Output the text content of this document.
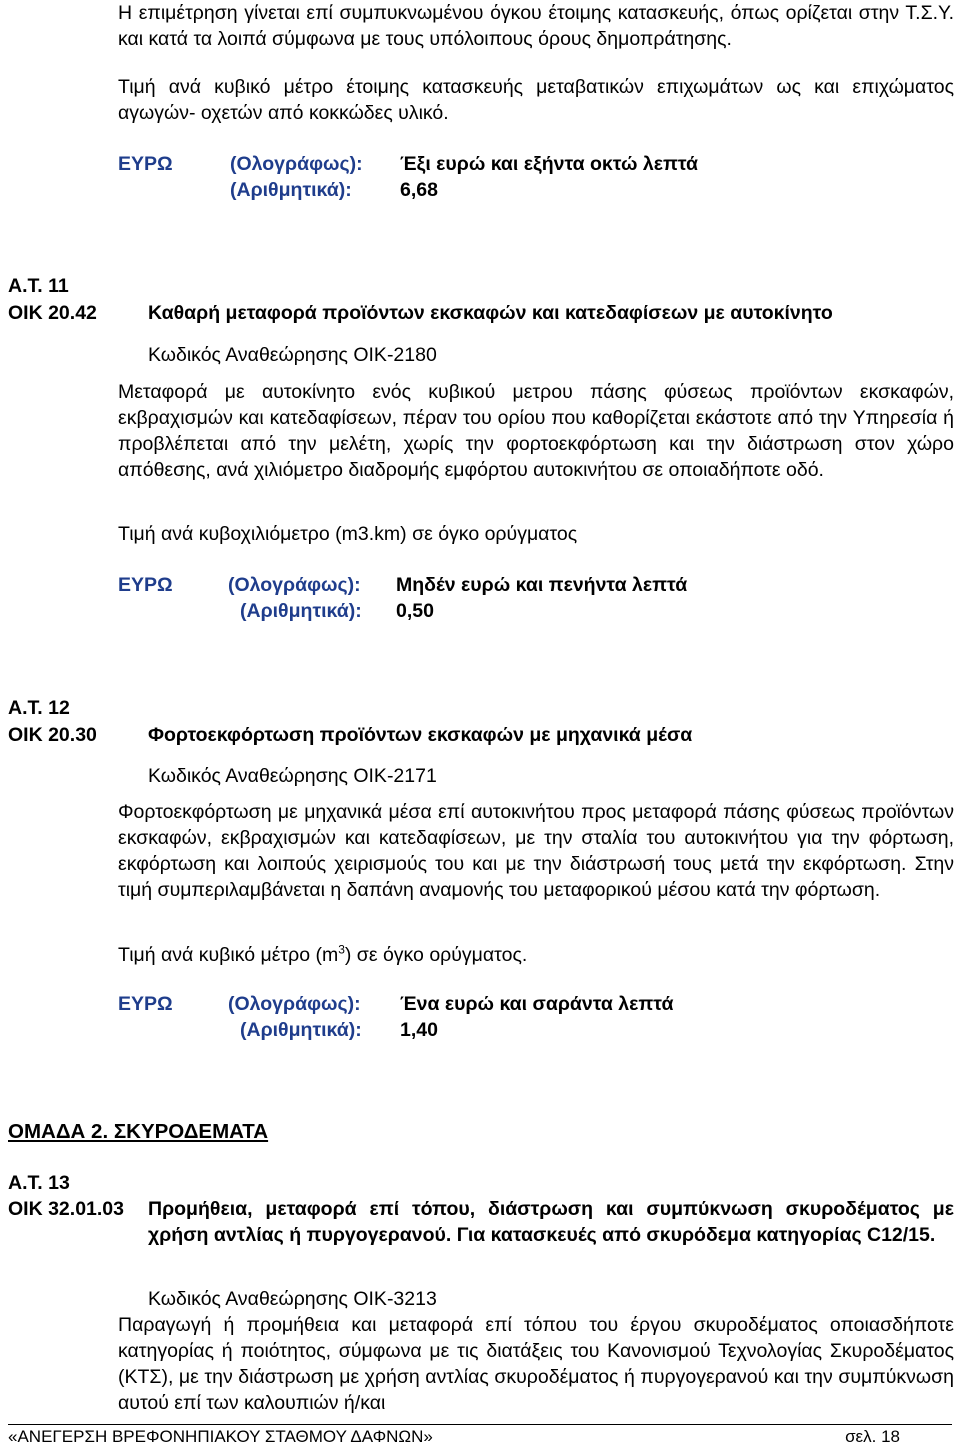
Η επιμέτρηση γίνεται επί συμπυκνωμένου όγκου έτοιμης κατασκευής, όπως ορίζεται στην Τ.Σ.Υ. και κατά τα λοιπά σύμφωνα με τους υπόλοιπους όρους δημοπράτησης.
Τιμή ανά κυβικό μέτρο έτοιμης κατασκευής μεταβατικών επιχωμάτων ως και επιχώματος αγωγών- οχετών από κοκκώδες υλικό.
ΕΥΡΩ	(Ολογράφως): Έξι ευρώ και εξήντα οκτώ λεπτά
(Αριθμητικά): 6,68
Α.Τ. 11
ΟΙΚ 20.42	Καθαρή μεταφορά προϊόντων εκσκαφών και κατεδαφίσεων με αυτοκίνητο
Κωδικός Αναθεώρησης ΟΙΚ-2180
Μεταφορά με αυτοκίνητο ενός κυβικού μετρου πάσης φύσεως προϊόντων εκσκαφών, εκβραχισμών και κατεδαφίσεων, πέραν του ορίου που καθορίζεται εκάστοτε από την Υπηρεσία ή προβλέπεται από την μελέτη, χωρίς την φορτοεκφόρτωση και την διάστρωση στον χώρο απόθεσης, ανά χιλιόμετρο διαδρομής εμφόρτου αυτοκινήτου σε οποιαδήποτε οδό.
Τιμή ανά κυβοχιλιόμετρο (m3.km) σε όγκο ορύγματος
ΕΥΡΩ	(Ολογράφως): Μηδέν ευρώ και πενήντα λεπτά
(Αριθμητικά): 0,50
Α.Τ. 12
ΟΙΚ 20.30	Φορτοεκφόρτωση προϊόντων εκσκαφών με μηχανικά μέσα
Κωδικός Αναθεώρησης ΟΙΚ-2171
Φορτοεκφόρτωση με μηχανικά μέσα επί αυτοκινήτου προς μεταφορά πάσης φύσεως προϊόντων εκσκαφών, εκβραχισμών και κατεδαφίσεων, με την σταλία του αυτοκινήτου για την φόρτωση, εκφόρτωση και λοιπούς χειρισμούς του και με την διάστρωσή τους μετά την εκφόρτωση. Στην τιμή συμπεριλαμβάνεται η δαπάνη αναμονής του μεταφορικού μέσου κατά την φόρτωση.
Τιμή ανά κυβικό μέτρο $(m^3)$ σε όγκο ορύγματος.
ΕΥΡΩ	(Ολογράφως): Ένα ευρώ και σαράντα λεπτά
(Αριθμητικά): 1,40
ΟΜΑΔΑ 2. ΣΚΥΡΟΔΕΜΑΤΑ
Α.Τ. 13
ΟΙΚ 32.01.03 Προμήθεια, μεταφορά επί τόπου, διάστρωση και συμπύκνωση σκυροδέματος με χρήση αντλίας ή πυργογερανού. Για κατασκευές από σκυρόδεμα κατηγορίας C12/15.
Κωδικός Αναθεώρησης ΟΙΚ-3213
Παραγωγή ή προμήθεια και μεταφορά επί τόπου του έργου σκυροδέματος οποιασδήποτε κατηγορίας ή ποιότητος, σύμφωνα με τις διατάξεις του Κανονισμού Τεχνολογίας Σκυροδέματος (ΚΤΣ), με την διάστρωση με χρήση αντλίας σκυροδέματος ή πυργογερανού και την συμπύκνωση αυτού επί των καλουπιών ή/και
«ΑΝΕΓΕΡΣΗ ΒΡΕΦΟΝΗΠΙΑΚΟΥ ΣΤΑΘΜΟΥ ΔΑΦΝΩΝ»	σελ. 18
